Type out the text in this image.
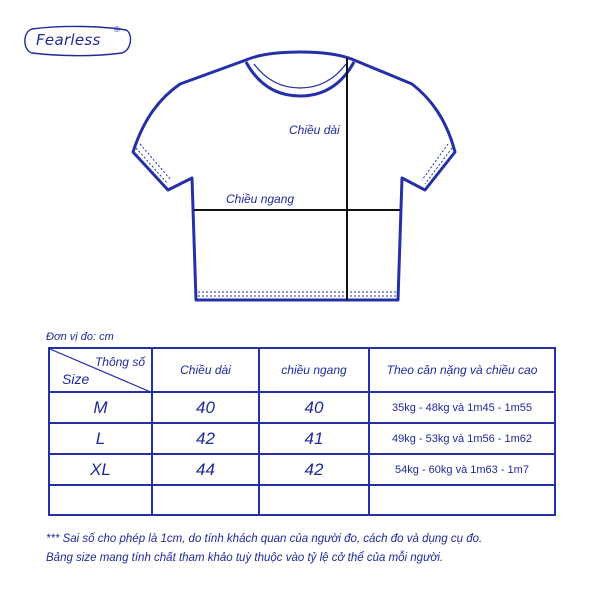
Fearless
®
Chiều dài
Chiều ngang
Đơn vị đo: cm
Thông số
Size	Chiều dài	chiều ngang	Theo cân nặng và chiều cao
M	40	40	35kg - 48kg và 1m45 - 1m55
L	42	41	49kg - 53kg và 1m56 - 1m62
XL	44	42	54kg - 60kg và 1m63 - 1m7

*** Sai số cho phép là 1cm, do tính khách quan của người đo, cách đo và dụng cụ đo.
Bảng size mang tính chất tham khảo tuỳ thuộc vào tỷ lệ cở thể của mỗi người.
